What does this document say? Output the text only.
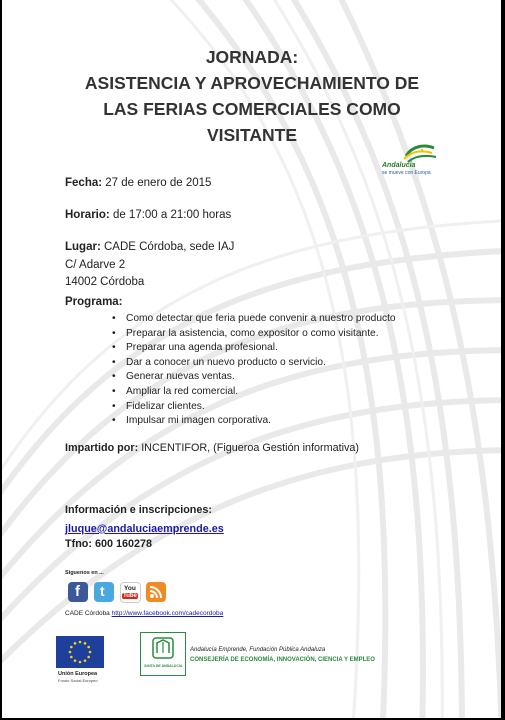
JORNADA:
ASISTENCIA Y APROVECHAMIENTO DE
LAS FERIAS COMERCIALES COMO
VISITANTE
Andalucía
se mueve con Europa
Fecha: 27 de enero de 2015
Horario: de 17:00 a 21:00 horas
Lugar: CADE Córdoba, sede IAJ
C/ Adarve 2
14002 Córdoba
Programa:
• Como detectar que feria puede convenir a nuestro producto
• Preparar la asistencia, como expositor o como visitante.
• Preparar una agenda profesional.
• Dar a conocer un nuevo producto o servicio.
• Generar nuevas ventas.
• Ampliar la red comercial.
• Fidelizar clientes.
• Impulsar mi imagen corporativa.
Impartido por: INCENTIFOR, (Figueroa Gestión informativa)
Información e inscripciones:
jluque@andaluciaemprende.es
Tfno: 600 160278
Síguenos en ...
f t	You
Tube
CADE Córdoba http://www.facebook.com/cadecordoba
Unión Europea
Fondo Social Europeo
JUNTA DE ANDALUCIA
Andalucía Emprende, Fundación Pública Andaluza
CONSEJERÍA DE ECONOMÍA, INNOVACIÓN, CIENCIA Y EMPLEO
